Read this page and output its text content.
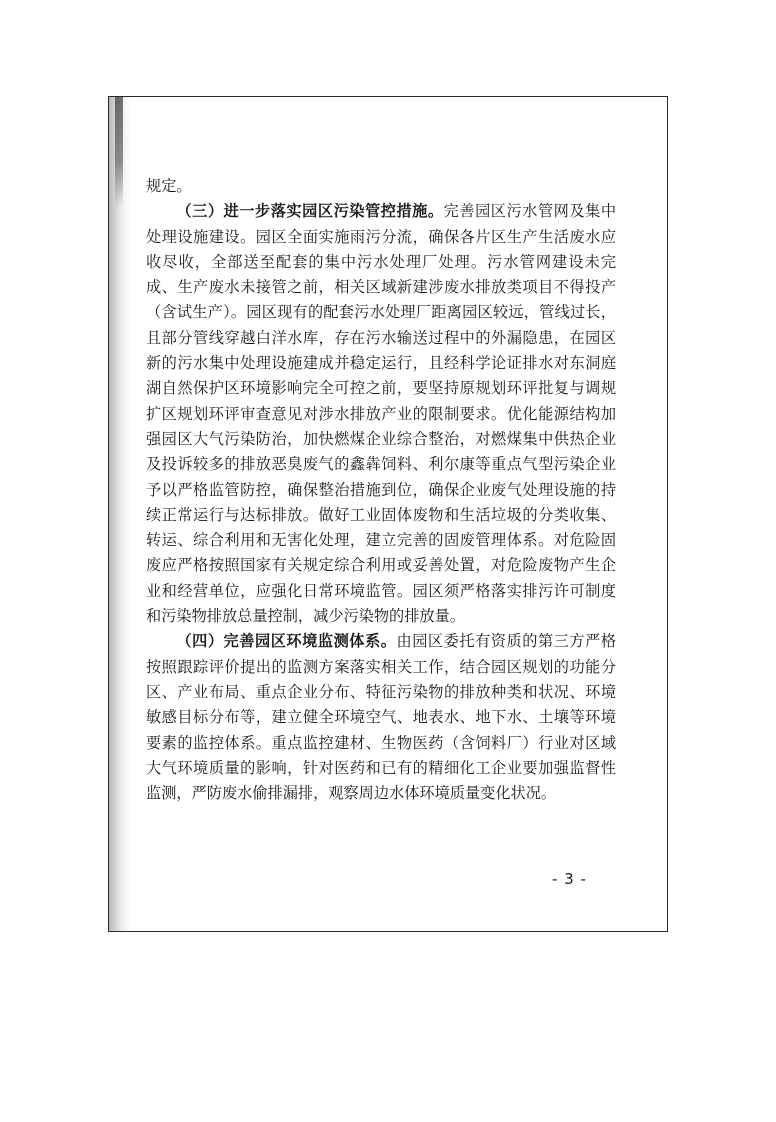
规定。

（三）进一步落实园区污染管控措施。完善园区污水管网及集中处理设施建设。园区全面实施雨污分流，确保各片区生产生活废水应收尽收，全部送至配套的集中污水处理厂处理。污水管网建设未完成、生产废水未接管之前，相关区域新建涉废水排放类项目不得投产（含试生产）。园区现有的配套污水处理厂距离园区较远，管线过长，且部分管线穿越白洋水库，存在污水输送过程中的外漏隐患，在园区新的污水集中处理设施建成并稳定运行，且经科学论证排水对东洞庭湖自然保护区环境影响完全可控之前，要坚持原规划环评批复与调规扩区规划环评审查意见对涉水排放产业的限制要求。优化能源结构加强园区大气污染防治，加快燃煤企业综合整治，对燃煤集中供热企业及投诉较多的排放恶臭废气的鑫犇饲料、利尔康等重点气型污染企业予以严格监管防控，确保整治措施到位，确保企业废气处理设施的持续正常运行与达标排放。做好工业固体废物和生活垃圾的分类收集、转运、综合利用和无害化处理，建立完善的固废管理体系。对危险固废应严格按照国家有关规定综合利用或妥善处置，对危险废物产生企业和经营单位，应强化日常环境监管。园区须严格落实排污许可制度和污染物排放总量控制，减少污染物的排放量。

（四）完善园区环境监测体系。由园区委托有资质的第三方严格按照跟踪评价提出的监测方案落实相关工作，结合园区规划的功能分区、产业布局、重点企业分布、特征污染物的排放种类和状况、环境敏感目标分布等，建立健全环境空气、地表水、地下水、土壤等环境要素的监控体系。重点监控建材、生物医药（含饲料厂）行业对区域大气环境质量的影响，针对医药和已有的精细化工企业要加强监督性监测，严防废水偷排漏排，观察周边水体环境质量变化状况。

- 3 -
